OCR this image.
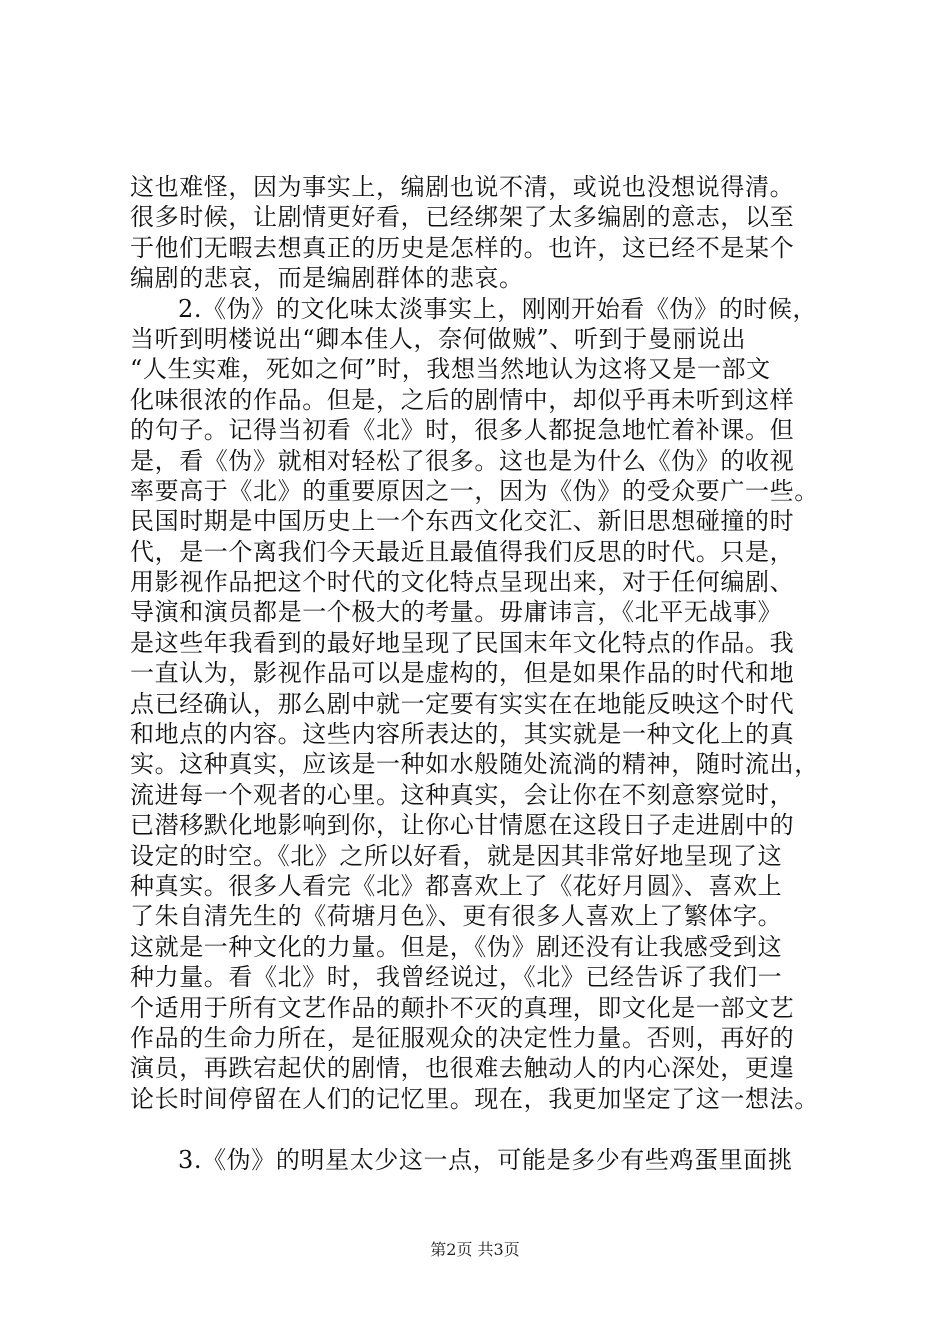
这也难怪，因为事实上，编剧也说不清，或说也没想说得清。
很多时候，让剧情更好看，已经绑架了太多编剧的意志，以至
于他们无暇去想真正的历史是怎样的。也许，这已经不是某个
编剧的悲哀，而是编剧群体的悲哀。
2.《伪》的文化味太淡事实上，刚刚开始看《伪》的时候，
当听到明楼说出“卿本佳人，奈何做贼”、听到于曼丽说出
“人生实难，死如之何”时，我想当然地认为这将又是一部文
化味很浓的作品。但是，之后的剧情中，却似乎再未听到这样
的句子。记得当初看《北》时，很多人都捉急地忙着补课。但
是，看《伪》就相对轻松了很多。这也是为什么《伪》的收视
率要高于《北》的重要原因之一，因为《伪》的受众要广一些。
民国时期是中国历史上一个东西文化交汇、新旧思想碰撞的时
代，是一个离我们今天最近且最值得我们反思的时代。只是，
用影视作品把这个时代的文化特点呈现出来，对于任何编剧、
导演和演员都是一个极大的考量。毋庸讳言，《北平无战事》
是这些年我看到的最好地呈现了民国末年文化特点的作品。我
一直认为，影视作品可以是虚构的，但是如果作品的时代和地
点已经确认，那么剧中就一定要有实实在在地能反映这个时代
和地点的内容。这些内容所表达的，其实就是一种文化上的真
实。这种真实，应该是一种如水般随处流淌的精神，随时流出，
流进每一个观者的心里。这种真实，会让你在不刻意察觉时，
已潜移默化地影响到你，让你心甘情愿在这段日子走进剧中的
设定的时空。《北》之所以好看，就是因其非常好地呈现了这
种真实。很多人看完《北》都喜欢上了《花好月圆》、喜欢上
了朱自清先生的《荷塘月色》、更有很多人喜欢上了繁体字。
这就是一种文化的力量。但是，《伪》剧还没有让我感受到这
种力量。看《北》时，我曾经说过，《北》已经告诉了我们一
个适用于所有文艺作品的颠扑不灭的真理，即文化是一部文艺
作品的生命力所在，是征服观众的决定性力量。否则，再好的
演员，再跌宕起伏的剧情，也很难去触动人的内心深处，更遑
论长时间停留在人们的记忆里。现在，我更加坚定了这一想法。
3.《伪》的明星太少这一点，可能是多少有些鸡蛋里面挑
第2页 共3页
